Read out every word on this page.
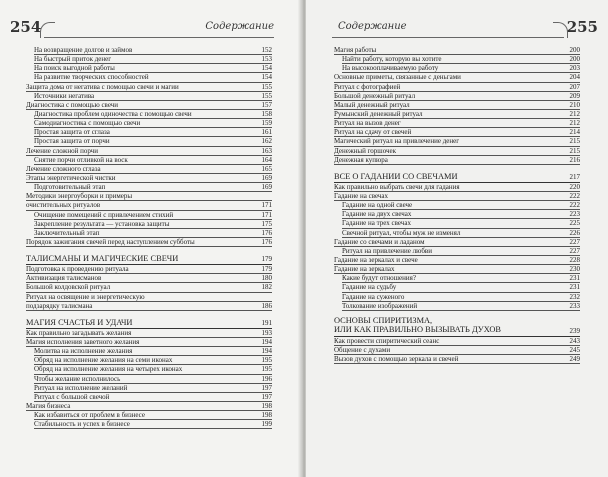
254	Содержание
На возвращение долгов и займов	152
На быстрый приток денег	153
На поиск выгодной работы	154
На развитие творческих способностей	154
Защита дома от негатива с помощью свечи и магии	155
Источники негатива	155
Диагностика с помощью свечи	157
Диагностика проблем одиночества с помощью свечи	158
Самодиагностика с помощью свечи	159
Простая защита от сглаза	161
Простая защита от порчи	162
Лечение сложной порчи	163
Снятие порчи отливкой на воск	164
Лечение сложного сглаза	165
Этапы энергетической чистки	169
Подготовительный этап	169
Методики энергоуборки и примеры
очистительных ритуалов	171
Очищение помещений с привлечением стихий	171
Закрепление результата — установка защиты	175
Заключительный этап	176
Порядок зажигания свечей перед наступлением субботы	176
ТАЛИСМАНЫ И МАГИЧЕСКИЕ СВЕЧИ	179
Подготовка к проведению ритуала	179
Активизация талисманов	180
Большой колдовской ритуал	182
Ритуал на освящение и энергетическую
подзарядку талисмана	186
МАГИЯ СЧАСТЬЯ И УДАЧИ	191
Как правильно загадывать желания	193
Магия исполнения заветного желания	194
Молитва на исполнение желания	194
Обряд на исполнение желания на семи иконах	195
Обряд на исполнение желания на четырех иконах	195
Чтобы желание исполнилось	196
Ритуал на исполнение желаний	197
Ритуал с большой свечой	197
Магия бизнеса	198
Как избавиться от проблем в бизнесе	198
Стабильность и успех в бизнесе	199
Содержание	255
Магия работы	200
Найти работу, которую вы хотите	200
На высокооплачиваемую работу	203
Основные приметы, связанные с деньгами	204
Ритуал с фотографией	207
Большой денежный ритуал	209
Малый денежный ритуал	210
Румынский денежный ритуал	212
Ритуал на вызов денег	212
Ритуал на сдачу от свечей	214
Магический ритуал на привлечение денег	215
Денежный горшочек	215
Денежная купюра	216
ВСЕ О ГАДАНИИ СО СВЕЧАМИ	217
Как правильно выбрать свечи для гадания	220
Гадание на свечах	222
Гадание на одной свече	222
Гадание на двух свечах	223
Гадание на трех свечах	225
Свечной ритуал, чтобы муж не изменял	226
Гадание со свечами и ладаном	227
Ритуал на привлечение любви	227
Гадание на зеркалах и свече	228
Гадание на зеркалах	230
Какие будут отношения?	231
Гадание на судьбу	231
Гадание на суженого	232
Толкование изображений	233
ОСНОВЫ СПИРИТИЗМА,
ИЛИ КАК ПРАВИЛЬНО ВЫЗЫВАТЬ ДУХОВ	239
Как провести спиритический сеанс	243
Общение с духами	245
Вызов духов с помощью зеркала и свечей	249
